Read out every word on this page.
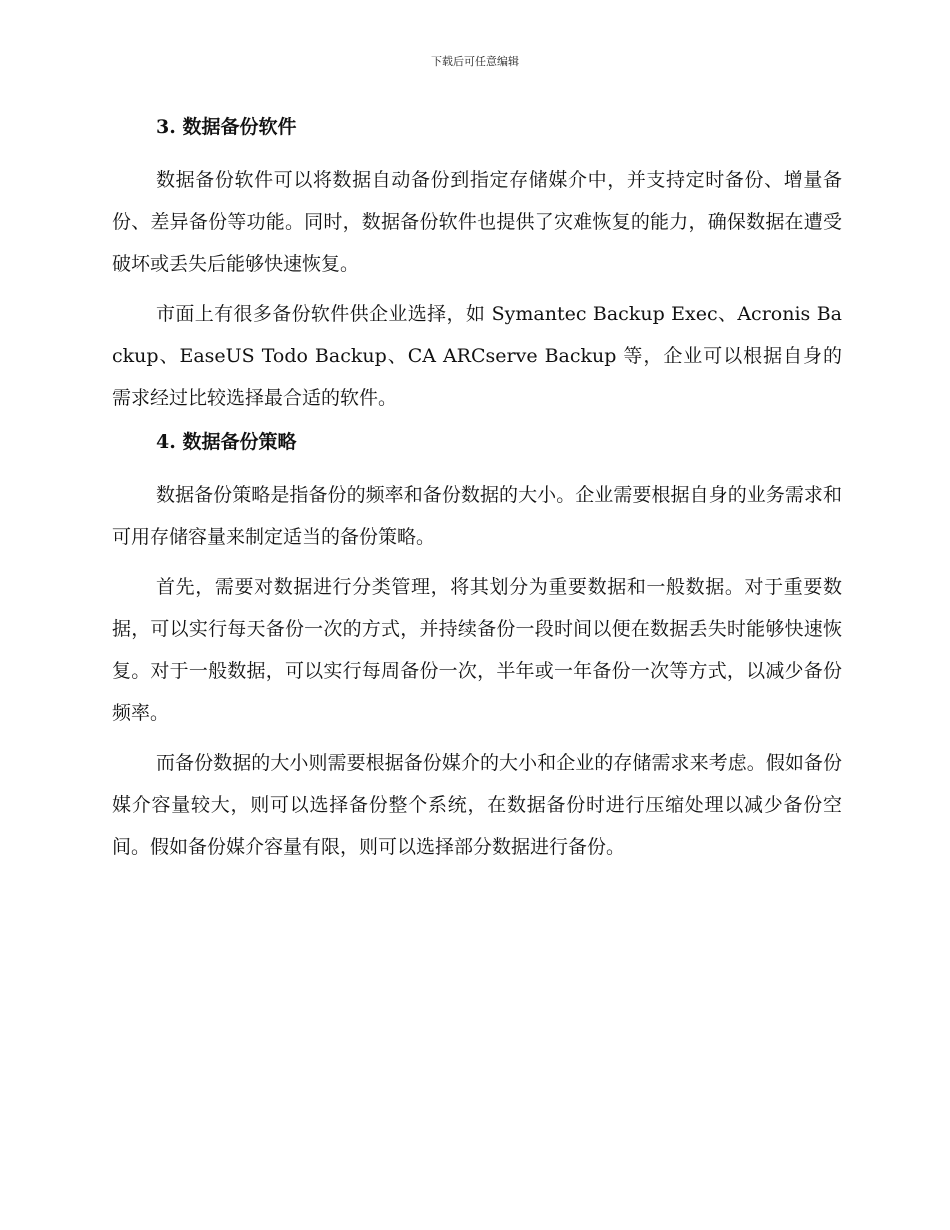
下载后可任意编辑
3. 数据备份软件

数据备份软件可以将数据自动备份到指定存储媒介中，并支持定时备份、增量备份、差异备份等功能。同时，数据备份软件也提供了灾难恢复的能力，确保数据在遭受破坏或丢失后能够快速恢复。

市面上有很多备份软件供企业选择，如 Symantec Backup Exec、Acronis Backup、EaseUS Todo Backup、CA ARCserve Backup 等，企业可以根据自身的需求经过比较选择最合适的软件。

4. 数据备份策略

数据备份策略是指备份的频率和备份数据的大小。企业需要根据自身的业务需求和可用存储容量来制定适当的备份策略。

首先，需要对数据进行分类管理，将其划分为重要数据和一般数据。对于重要数据，可以实行每天备份一次的方式，并持续备份一段时间以便在数据丢失时能够快速恢复。对于一般数据，可以实行每周备份一次，半年或一年备份一次等方式，以减少备份频率。

而备份数据的大小则需要根据备份媒介的大小和企业的存储需求来考虑。假如备份媒介容量较大，则可以选择备份整个系统，在数据备份时进行压缩处理以减少备份空间。假如备份媒介容量有限，则可以选择部分数据进行备份。
